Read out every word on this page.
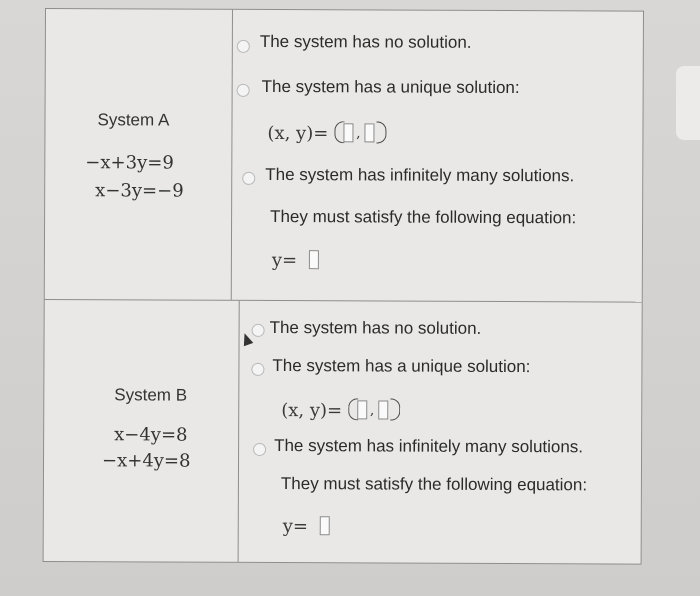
System A
−x+3y=9
x−3y=−9
The system has no solution.
The system has a unique solution:
(x, y)= ,
The system has infinitely many solutions.
They must satisfy the following equation:
y=
System B
x−4y=8
−x+4y=8
The system has no solution.
The system has a unique solution:
(x, y)= ,
The system has infinitely many solutions.
They must satisfy the following equation:
y=
